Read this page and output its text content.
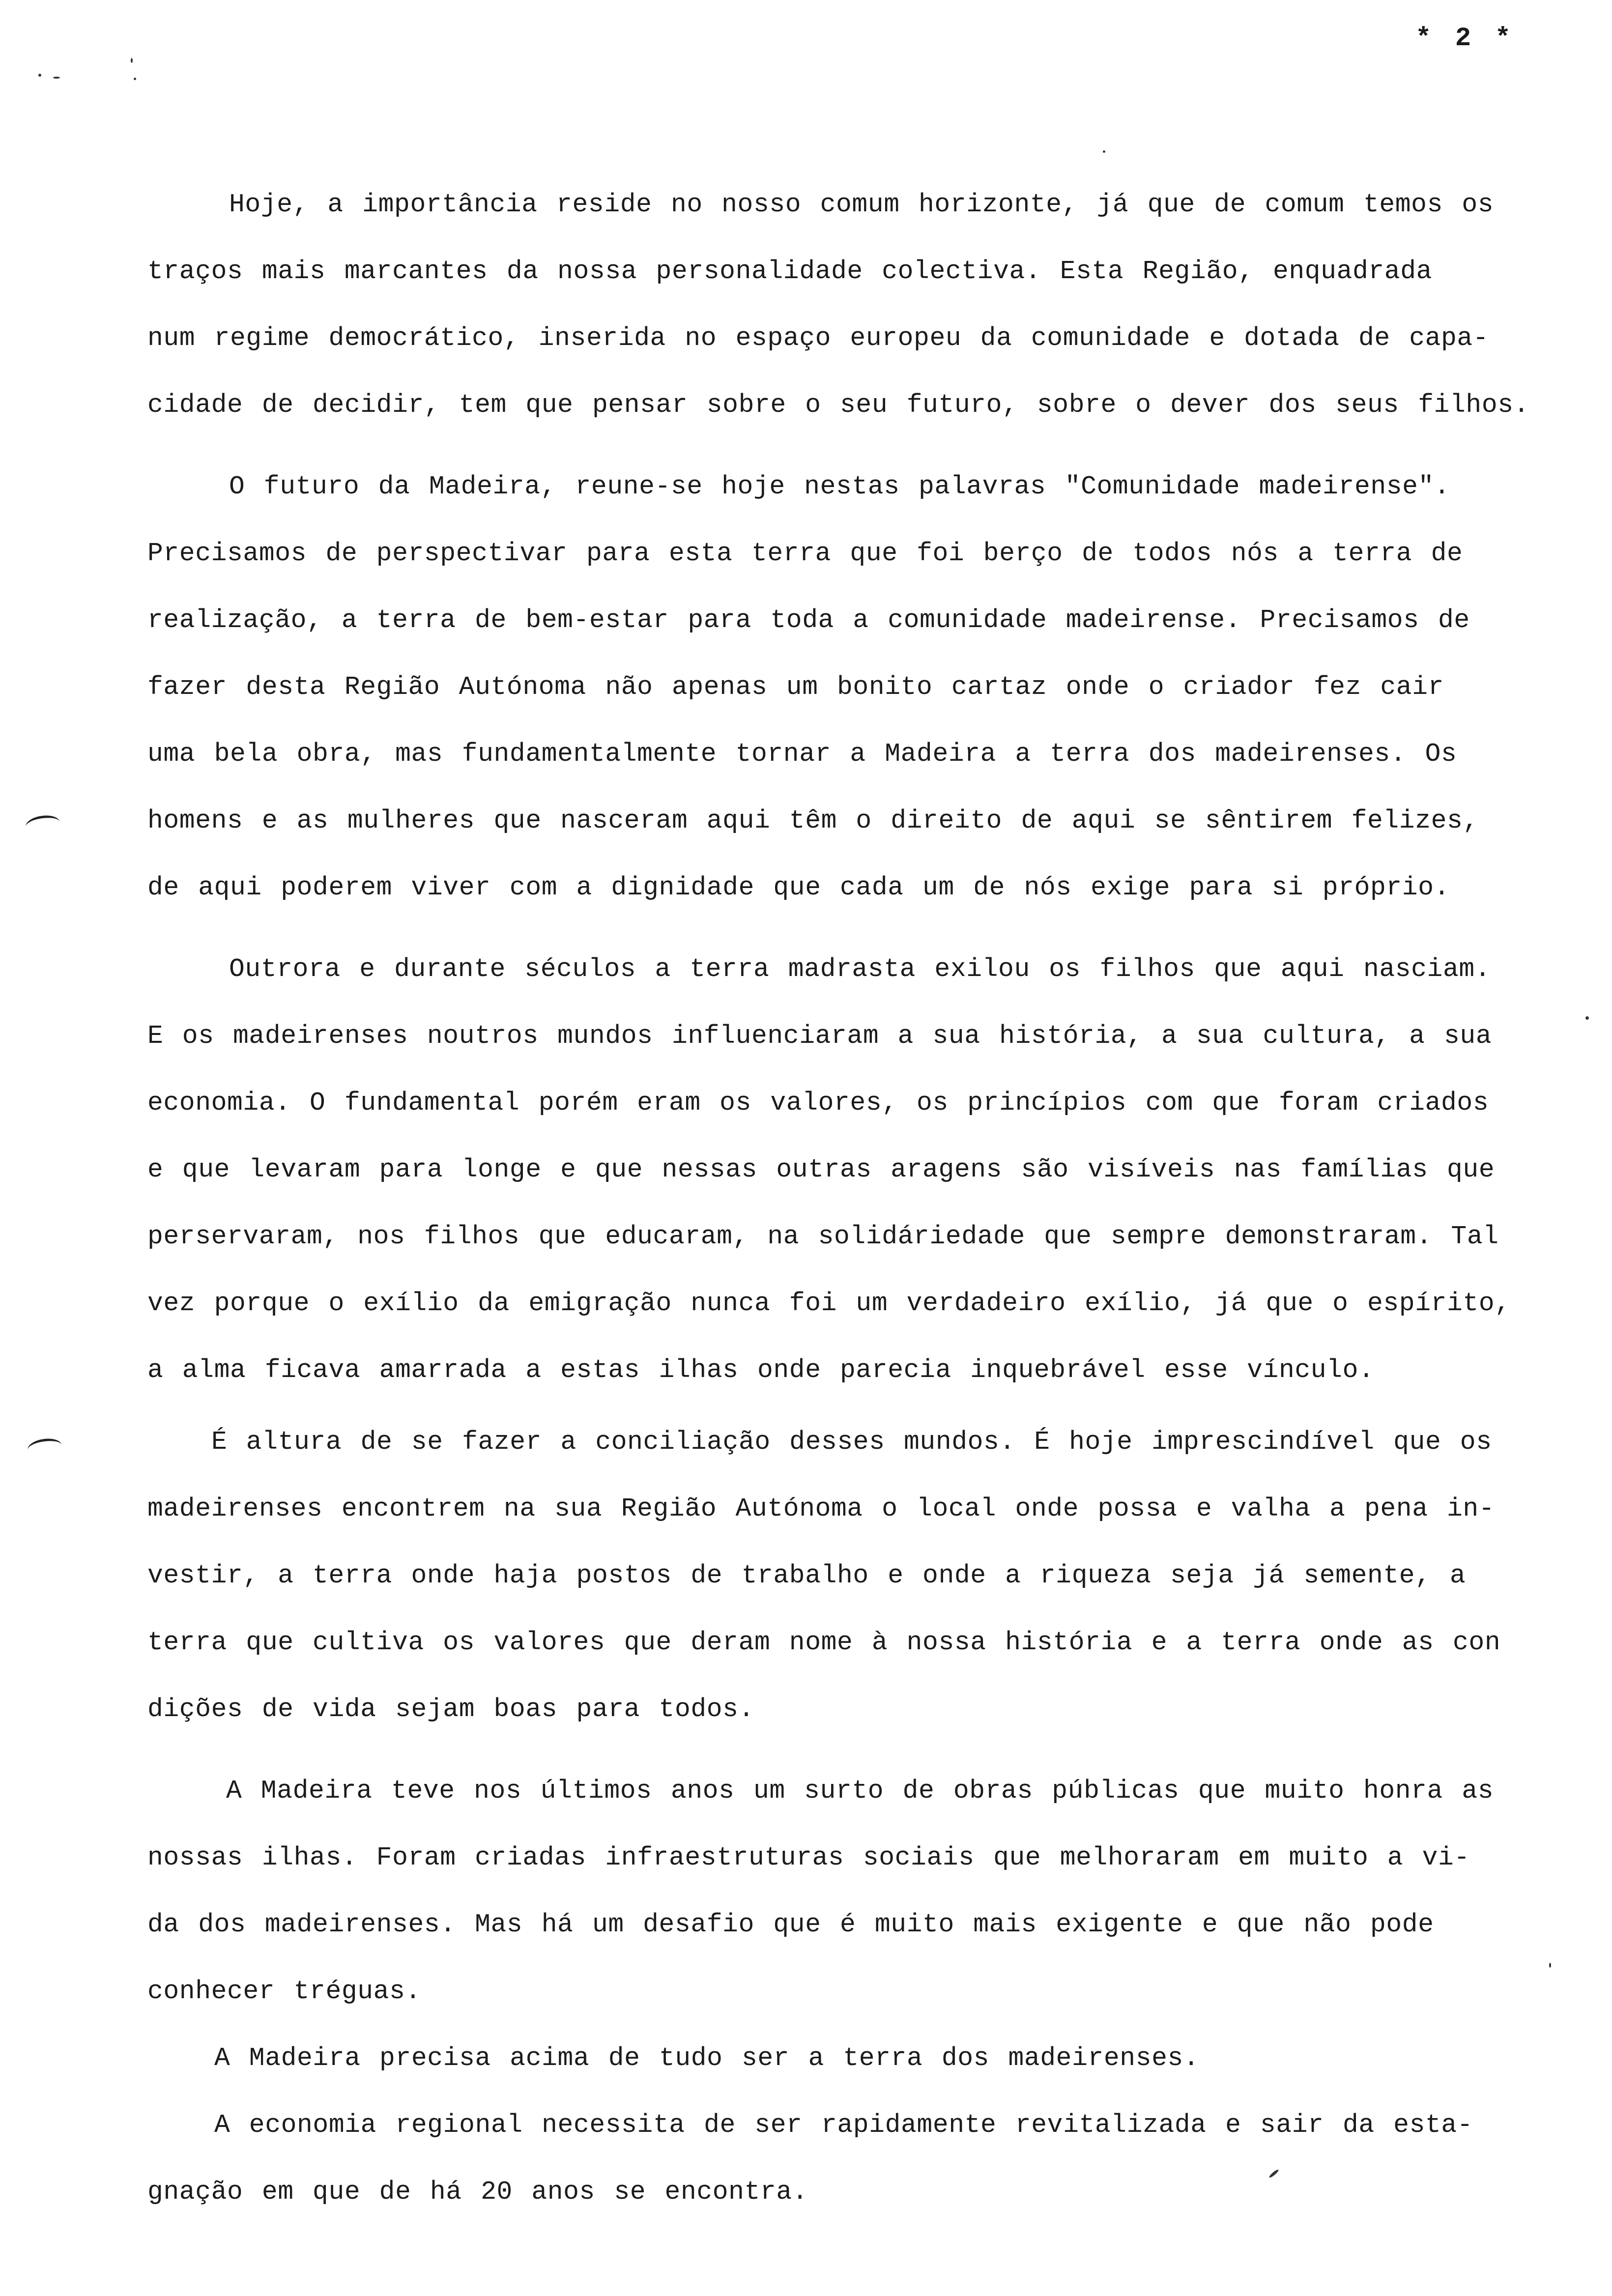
* 2 *
Hoje, a importância reside no nosso comum horizonte, já que de comum temos os
traços mais marcantes da nossa personalidade colectiva. Esta Região, enquadrada
num regime democrático, inserida no espaço europeu da comunidade e dotada de capa-
cidade de decidir, tem que pensar sobre o seu futuro, sobre o dever dos seus filhos.
O futuro da Madeira, reune-se hoje nestas palavras "Comunidade madeirense".
Precisamos de perspectivar para esta terra que foi berço de todos nós a terra de
realização, a terra de bem-estar para toda a comunidade madeirense. Precisamos de
fazer desta Região Autónoma não apenas um bonito cartaz onde o criador fez cair
uma bela obra, mas fundamentalmente tornar a Madeira a terra dos madeirenses. Os
homens e as mulheres que nasceram aqui têm o direito de aqui se sêntirem felizes,
de aqui poderem viver com a dignidade que cada um de nós exige para si próprio.
Outrora e durante séculos a terra madrasta exilou os filhos que aqui nasciam.
E os madeirenses noutros mundos influenciaram a sua história, a sua cultura, a sua
economia. O fundamental porém eram os valores, os princípios com que foram criados
e que levaram para longe e que nessas outras aragens são visíveis nas famílias que
perservaram, nos filhos que educaram, na solidáriedade que sempre demonstraram. Tal
vez porque o exílio da emigração nunca foi um verdadeiro exílio, já que o espírito,
a alma ficava amarrada a estas ilhas onde parecia inquebrável esse vínculo.
É altura de se fazer a conciliação desses mundos. É hoje imprescindível que os
madeirenses encontrem na sua Região Autónoma o local onde possa e valha a pena in-
vestir, a terra onde haja postos de trabalho e onde a riqueza seja já semente, a
terra que cultiva os valores que deram nome à nossa história e a terra onde as con
dições de vida sejam boas para todos.
A Madeira teve nos últimos anos um surto de obras públicas que muito honra as
nossas ilhas. Foram criadas infraestruturas sociais que melhoraram em muito a vi-
da dos madeirenses. Mas há um desafio que é muito mais exigente e que não pode
conhecer tréguas.
A Madeira precisa acima de tudo ser a terra dos madeirenses.
A economia regional necessita de ser rapidamente revitalizada e sair da esta-
gnação em que de há 20 anos se encontra.
